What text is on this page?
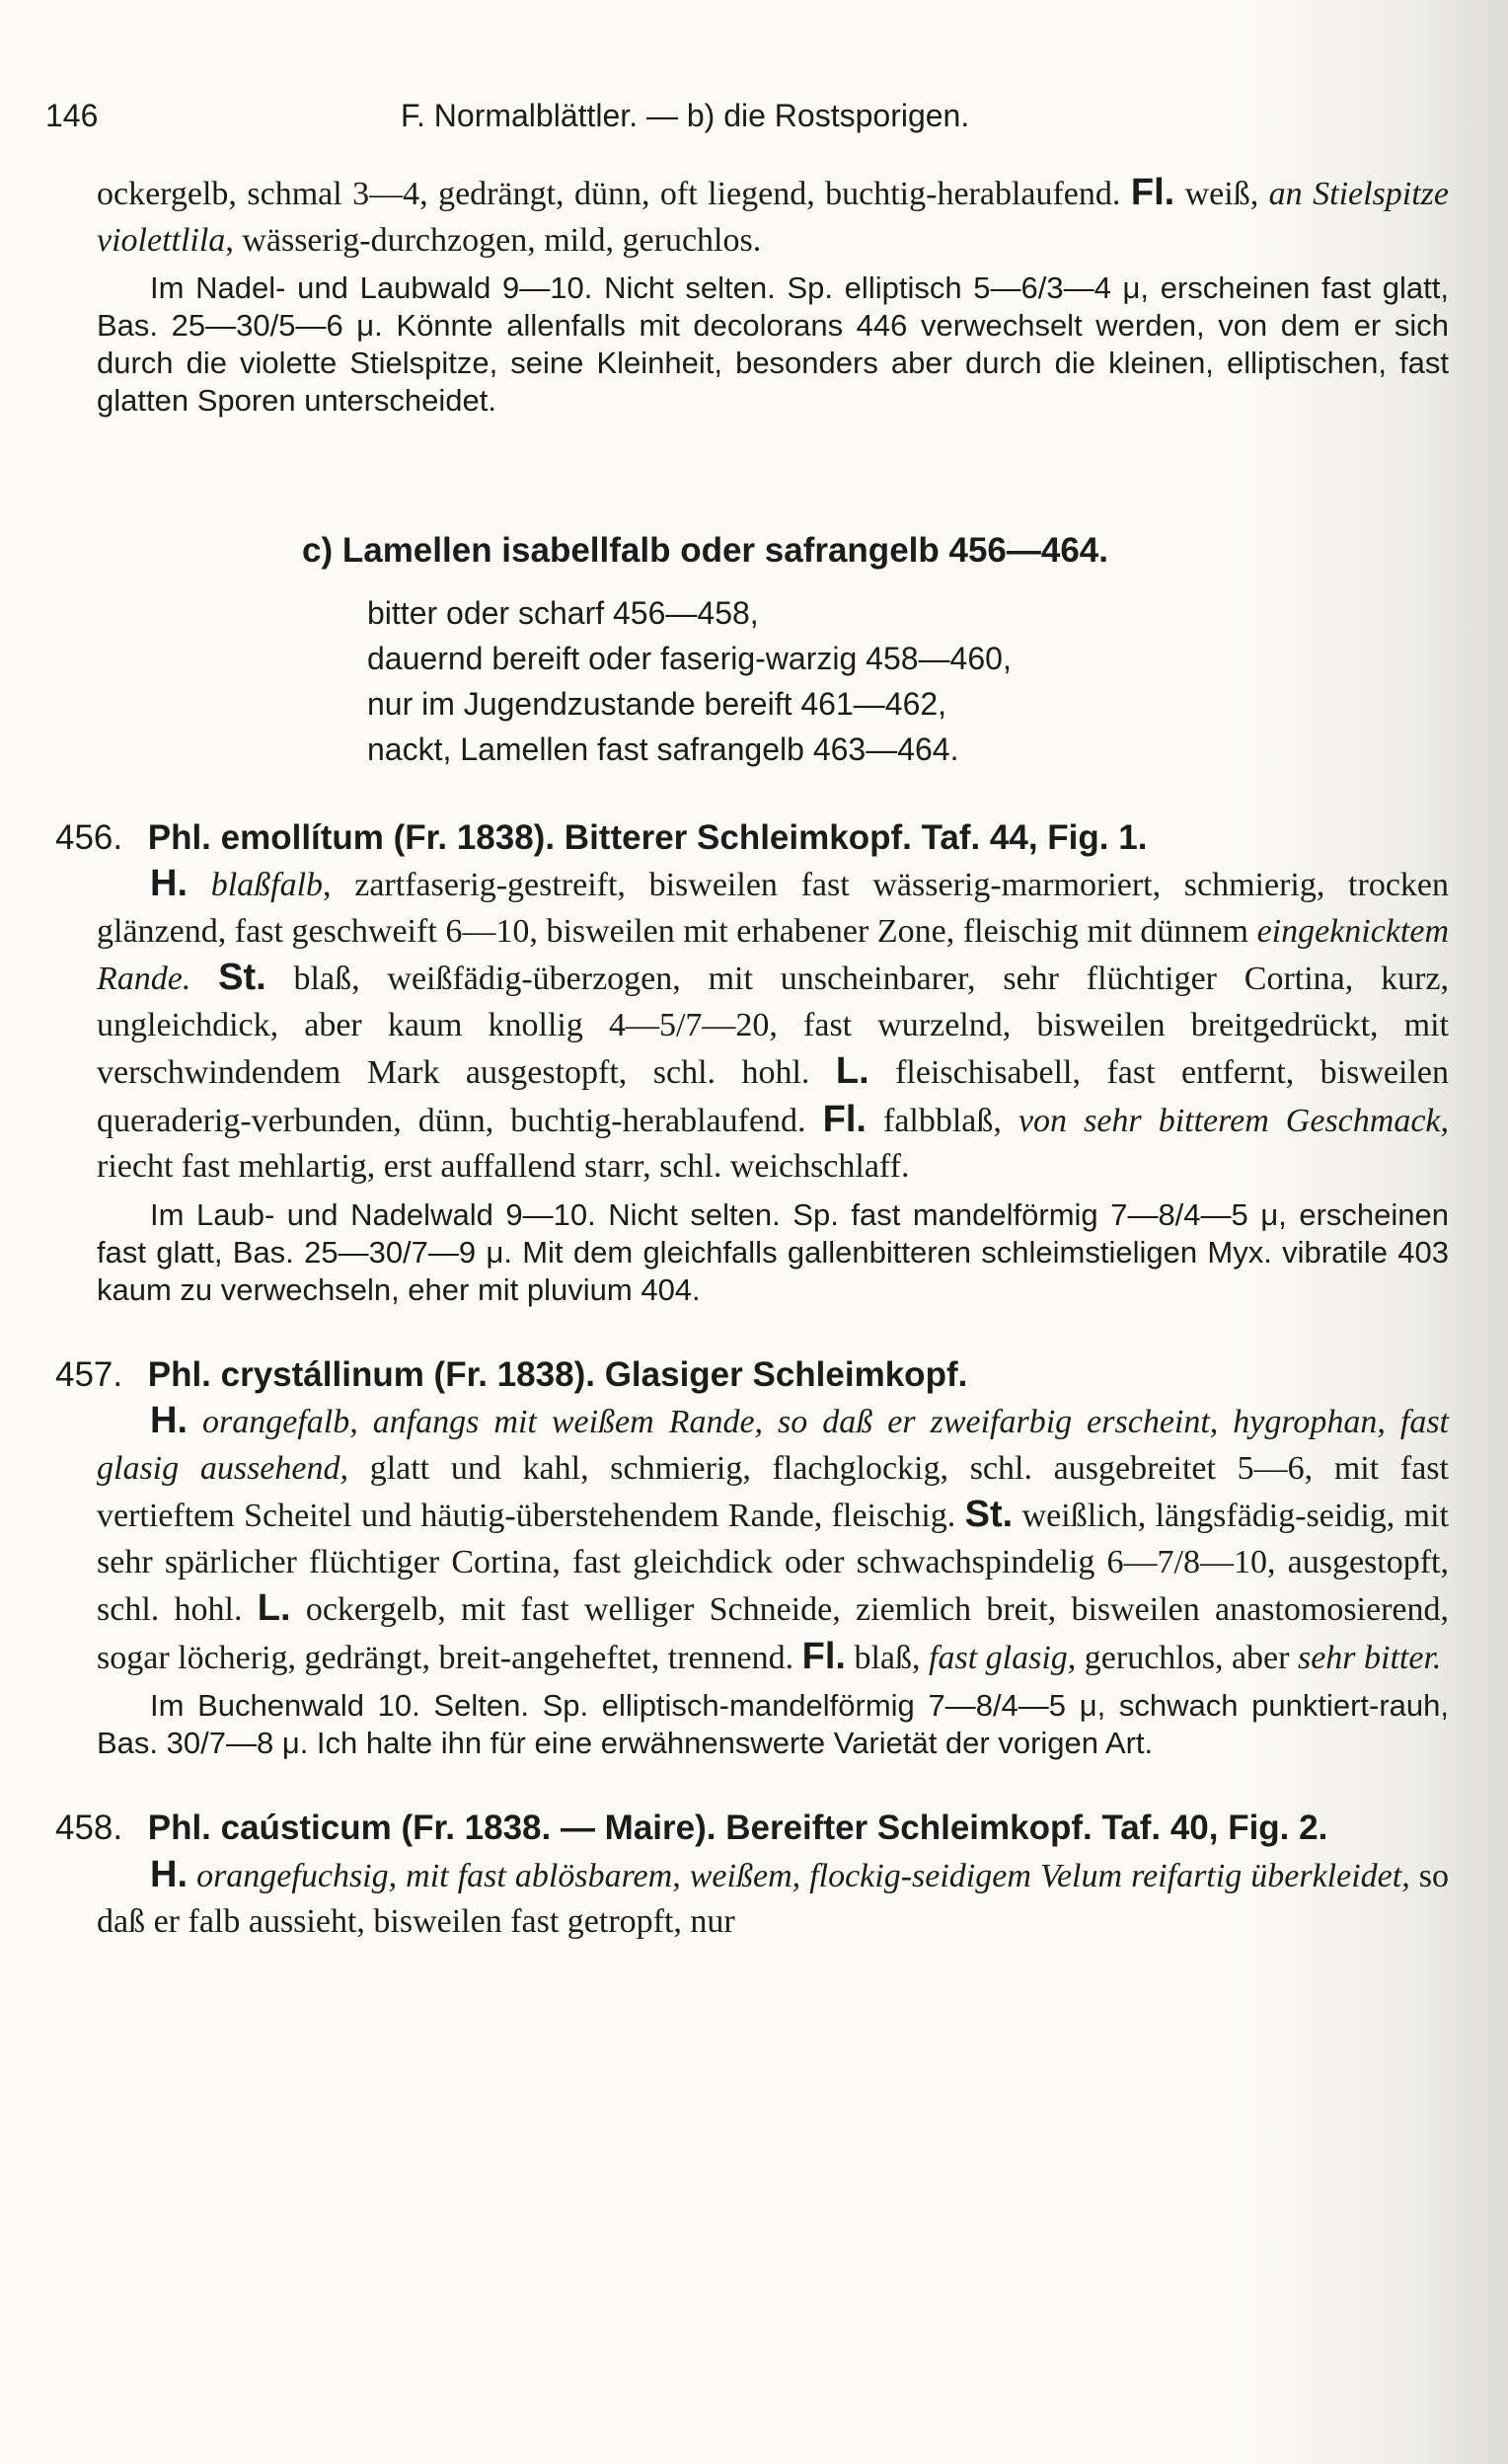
146	F. Normalblättler. — b) die Rostsporigen.

ockergelb, schmal 3—4, gedrängt, dünn, oft liegend, buchtig-herablaufend. Fl. weiß, an Stielspitze violettlila, wässerig-durchzogen, mild, geruchlos.

Im Nadel- und Laubwald 9—10. Nicht selten. Sp. elliptisch 5—6/3—4 μ, erscheinen fast glatt, Bas. 25—30/5—6 μ. Könnte allenfalls mit decolorans 446 verwechselt werden, von dem er sich durch die violette Stielspitze, seine Kleinheit, besonders aber durch die kleinen, elliptischen, fast glatten Sporen unterscheidet.

c) Lamellen isabellfalb oder safrangelb 456—464.
bitter oder scharf 456—458,
dauernd bereift oder faserig-warzig 458—460,
nur im Jugendzustande bereift 461—462,
nackt, Lamellen fast safrangelb 463—464.
456. Phl. emollítum (Fr. 1838). Bitterer Schleimkopf. Taf. 44, Fig. 1.

H. blaßfalb, zartfaserig-gestreift, bisweilen fast wässerig-marmoriert, schmierig, trocken glänzend, fast geschweift 6—10, bisweilen mit erhabener Zone, fleischig mit dünnem eingeknicktem Rande. St. blaß, weißfädig-überzogen, mit unscheinbarer, sehr flüchtiger Cortina, kurz, ungleichdick, aber kaum knollig 4—5/7—20, fast wurzelnd, bisweilen breitgedrückt, mit verschwindendem Mark ausgestopft, schl. hohl. L. fleischisabell, fast entfernt, bisweilen queraderig-verbunden, dünn, buchtig-herablaufend. Fl. falbblaß, von sehr bitterem Geschmack, riecht fast mehlartig, erst auffallend starr, schl. weichschlaff.

Im Laub- und Nadelwald 9—10. Nicht selten. Sp. fast mandelförmig 7—8/4—5 μ, erscheinen fast glatt, Bas. 25—30/7—9 μ. Mit dem gleichfalls gallenbitteren schleimstieligen Myx. vibratile 403 kaum zu verwechseln, eher mit pluvium 404.

457. Phl. crystállinum (Fr. 1838). Glasiger Schleimkopf.

H. orangefalb, anfangs mit weißem Rande, so daß er zweifarbig erscheint, hygrophan, fast glasig aussehend, glatt und kahl, schmierig, flachglockig, schl. ausgebreitet 5—6, mit fast vertieftem Scheitel und häutig-überstehendem Rande, fleischig. St. weißlich, längsfädig-seidig, mit sehr spärlicher flüchtiger Cortina, fast gleichdick oder schwachspindelig 6—7/8—10, ausgestopft, schl. hohl. L. ockergelb, mit fast welliger Schneide, ziemlich breit, bisweilen anastomosierend, sogar löcherig, gedrängt, breit-angeheftet, trennend. Fl. blaß, fast glasig, geruchlos, aber sehr bitter.

Im Buchenwald 10. Selten. Sp. elliptisch-mandelförmig 7—8/4—5 μ, schwach punktiert-rauh, Bas. 30/7—8 μ. Ich halte ihn für eine erwähnenswerte Varietät der vorigen Art.

458. Phl. caústicum (Fr. 1838. — Maire). Bereifter Schleimkopf. Taf. 40, Fig. 2.

H. orangefuchsig, mit fast ablösbarem, weißem, flockig-seidigem Velum reifartig überkleidet, so daß er falb aussieht, bisweilen fast getropft, nur
